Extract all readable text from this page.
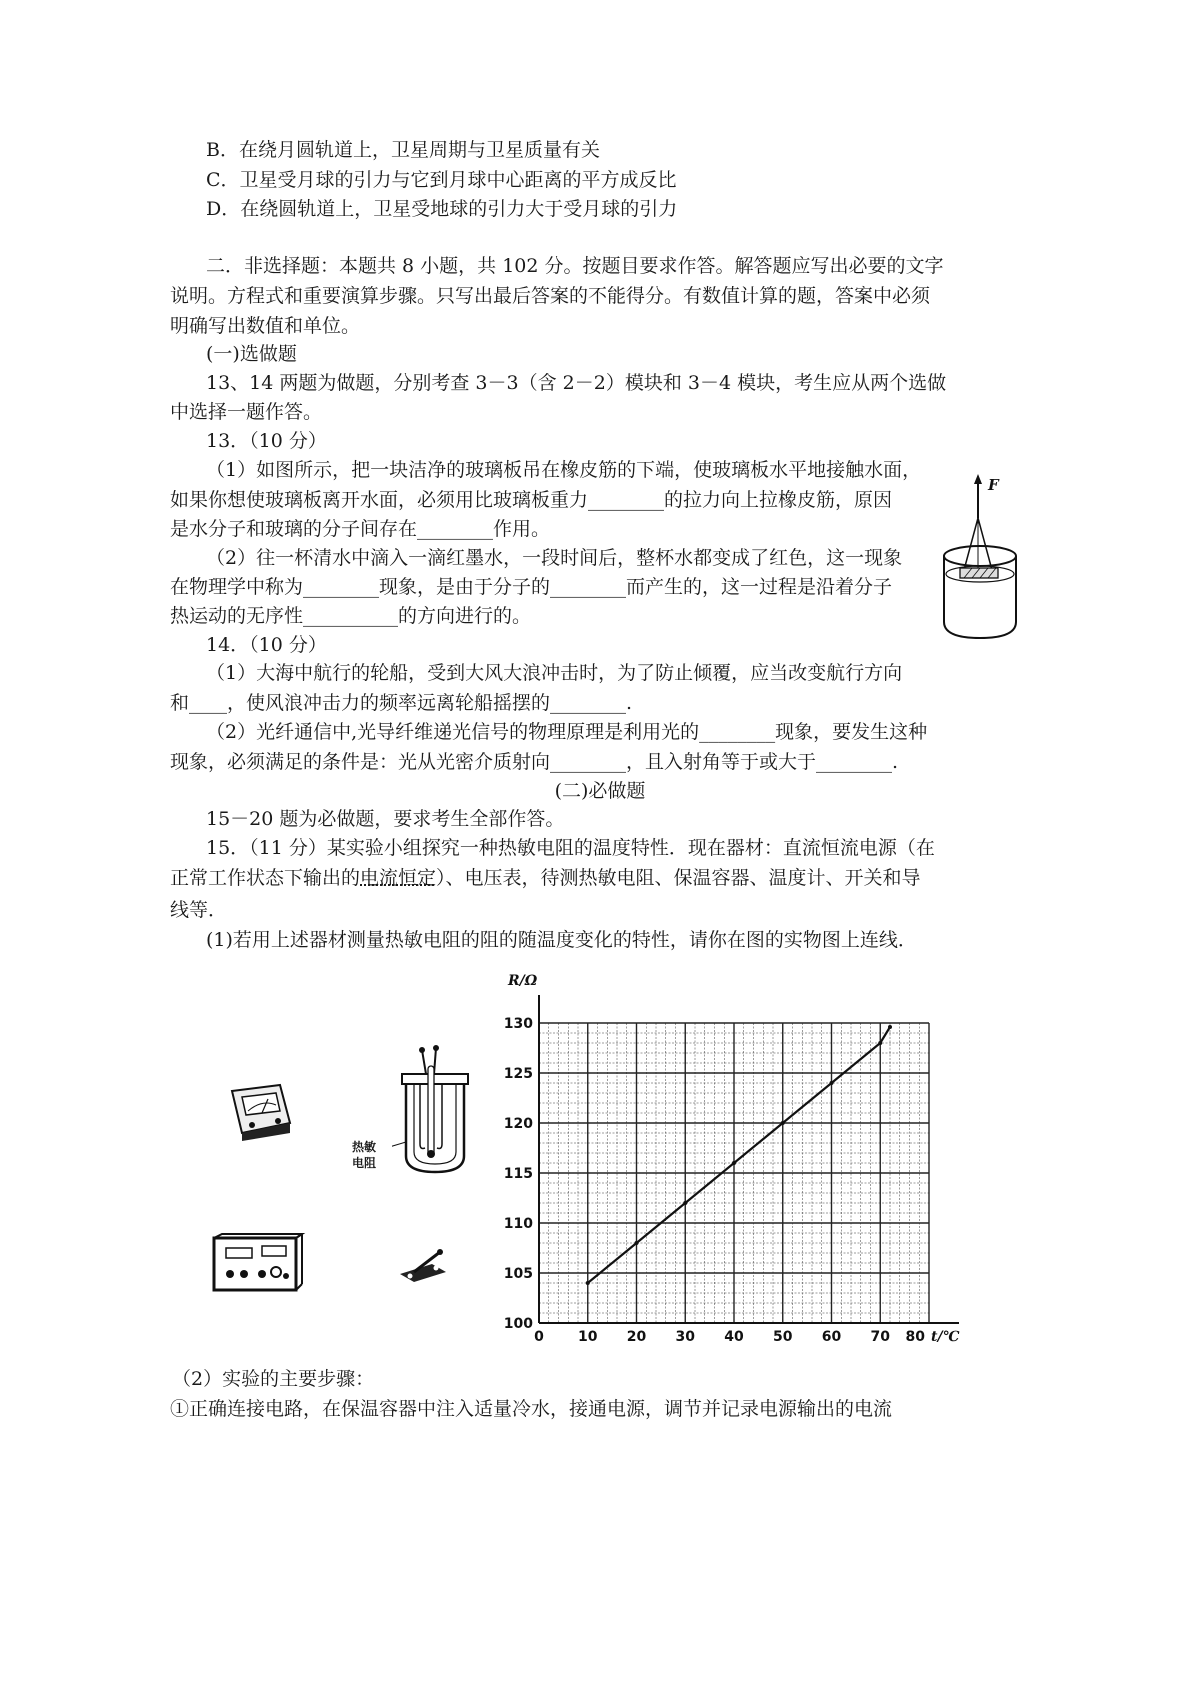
B．在绕月圆轨道上，卫星周期与卫星质量有关
C．卫星受月球的引力与它到月球中心距离的平方成反比
D．在绕圆轨道上，卫星受地球的引力大于受月球的引力
二．非选择题：本题共 8 小题，共 102 分。按题目要求作答。解答题应写出必要的文字
说明。方程式和重要演算步骤。只写出最后答案的不能得分。有数值计算的题，答案中必须
明确写出数值和单位。
(一)选做题
13、14 两题为做题，分别考查 3－3（含 2－2）模块和 3－4 模块，考生应从两个选做
中选择一题作答。
13．（10 分）
（1）如图所示，把一块洁净的玻璃板吊在橡皮筋的下端，使玻璃板水平地接触水面，
如果你想使玻璃板离开水面，必须用比玻璃板重力________的拉力向上拉橡皮筋，原因
是水分子和玻璃的分子间存在________作用。
（2）往一杯清水中滴入一滴红墨水，一段时间后，整杯水都变成了红色，这一现象
在物理学中称为________现象，是由于分子的________而产生的，这一过程是沿着分子
热运动的无序性__________的方向进行的。
F
14．（10 分）
（1）大海中航行的轮船，受到大风大浪冲击时，为了防止倾覆，应当改变航行方向
和____，使风浪冲击力的频率远离轮船摇摆的________.
（2）光纤通信中,光导纤维递光信号的物理原理是利用光的________现象，要发生这种
现象，必须满足的条件是：光从光密介质射向________，且入射角等于或大于________.
(二)必做题
15－20 题为必做题，要求考生全部作答。
15．（11 分）某实验小组探究一种热敏电阻的温度特性．现在器材：直流恒流电源（在
正常工作状态下输出的电流恒定）、电压表，待测热敏电阻、保温容器、温度计、开关和导
线等．
(1)若用上述器材测量热敏电阻的阻的随温度变化的特性，请你在图的实物图上连线．
热敏
电阻
R/Ω
100
105
110
115
120
125
130
0 10 20 30 40 50 60 70 80 t/℃
（2）实验的主要步骤：
①正确连接电路，在保温容器中注入适量冷水，接通电源，调节并记录电源输出的电流
